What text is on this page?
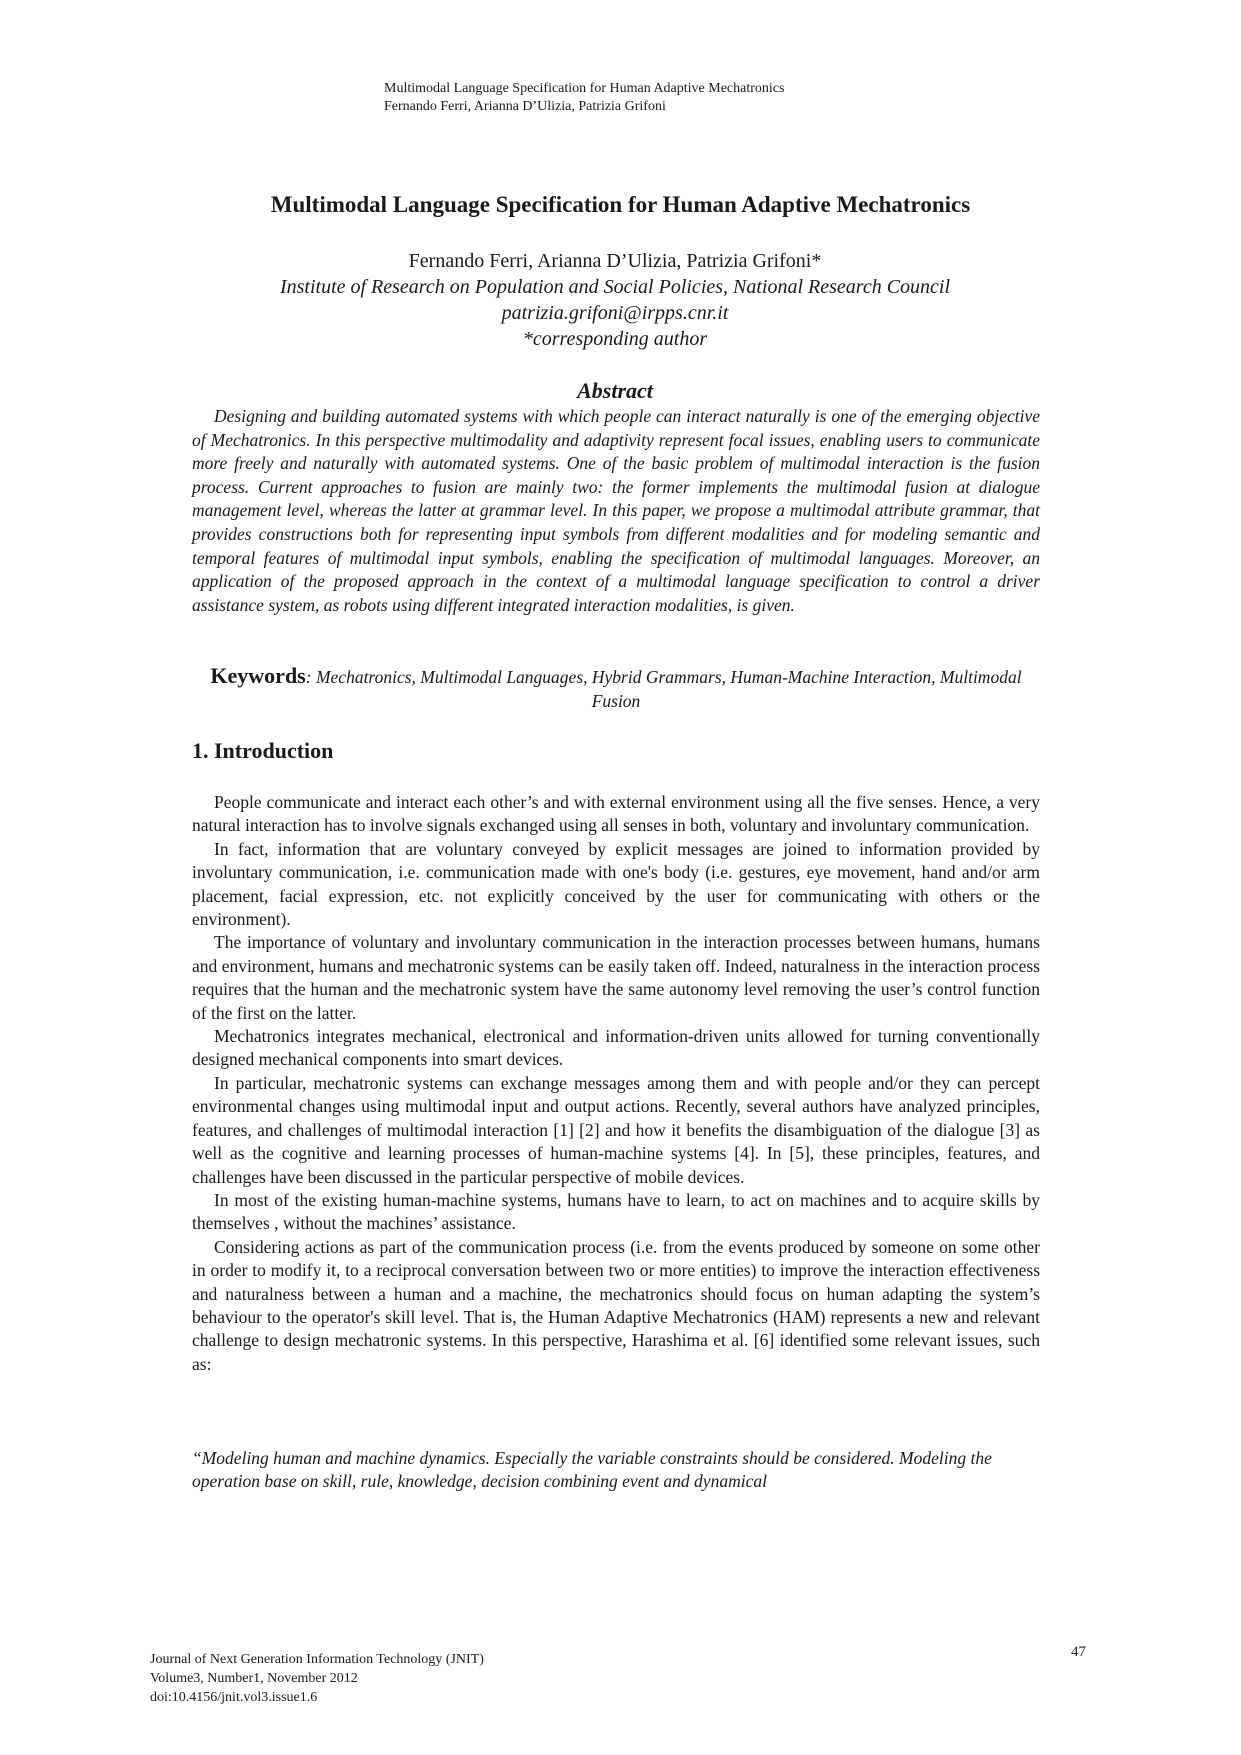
Multimodal Language Specification for Human Adaptive Mechatronics
Fernando Ferri, Arianna D’Ulizia, Patrizia Grifoni
Multimodal Language Specification for Human Adaptive Mechatronics
Fernando Ferri, Arianna D’Ulizia, Patrizia Grifoni*
Institute of Research on Population and Social Policies, National Research Council
patrizia.grifoni@irpps.cnr.it
*corresponding author
Abstract

Designing and building automated systems with which people can interact naturally is one of the emerging objective of Mechatronics. In this perspective multimodality and adaptivity represent focal issues, enabling users to communicate more freely and naturally with automated systems. One of the basic problem of multimodal interaction is the fusion process. Current approaches to fusion are mainly two: the former implements the multimodal fusion at dialogue management level, whereas the latter at grammar level. In this paper, we propose a multimodal attribute grammar, that provides constructions both for representing input symbols from different modalities and for modeling semantic and temporal features of multimodal input symbols, enabling the specification of multimodal languages. Moreover, an application of the proposed approach in the context of a multimodal language specification to control a driver assistance system, as robots using different integrated interaction modalities, is given.

Keywords: Mechatronics, Multimodal Languages, Hybrid Grammars, Human-Machine Interaction, Multimodal Fusion
1. Introduction

People communicate and interact each other’s and with external environment using all the five senses. Hence, a very natural interaction has to involve signals exchanged using all senses in both, voluntary and involuntary communication.

In fact, information that are voluntary conveyed by explicit messages are joined to information provided by involuntary communication, i.e. communication made with one's body (i.e. gestures, eye movement, hand and/or arm placement, facial expression, etc. not explicitly conceived by the user for communicating with others or the environment).

The importance of voluntary and involuntary communication in the interaction processes between humans, humans and environment, humans and mechatronic systems can be easily taken off. Indeed, naturalness in the interaction process requires that the human and the mechatronic system have the same autonomy level removing the user’s control function of the first on the latter.

Mechatronics integrates mechanical, electronical and information-driven units allowed for turning conventionally designed mechanical components into smart devices.

In particular, mechatronic systems can exchange messages among them and with people and/or they can percept environmental changes using multimodal input and output actions. Recently, several authors have analyzed principles, features, and challenges of multimodal interaction [1] [2] and how it benefits the disambiguation of the dialogue [3] as well as the cognitive and learning processes of human-machine systems [4]. In [5], these principles, features, and challenges have been discussed in the particular perspective of mobile devices.

In most of the existing human-machine systems, humans have to learn, to act on machines and to acquire skills by themselves , without the machines’ assistance.

Considering actions as part of the communication process (i.e. from the events produced by someone on some other in order to modify it, to a reciprocal conversation between two or more entities) to improve the interaction effectiveness and naturalness between a human and a machine, the mechatronics should focus on human adapting the system’s behaviour to the operator's skill level. That is, the Human Adaptive Mechatronics (HAM) represents a new and relevant challenge to design mechatronic systems. In this perspective, Harashima et al. [6] identified some relevant issues, such as:

“Modeling human and machine dynamics. Especially the variable constraints should be considered. Modeling the operation base on skill, rule, knowledge, decision combining event and dynamical

Journal of Next Generation Information Technology (JNIT)
Volume3, Number1, November 2012
doi:10.4156/jnit.vol3.issue1.6
47
